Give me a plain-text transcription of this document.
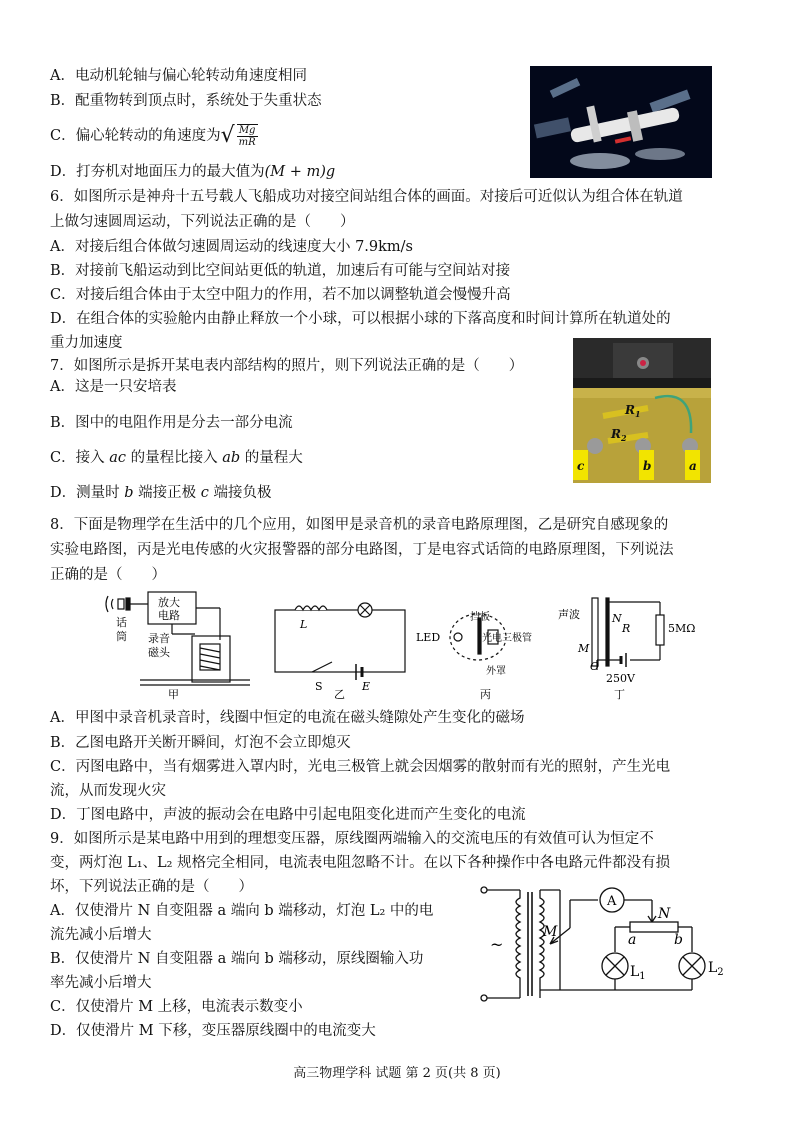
A．电动机轮轴与偏心轮转动角速度相同
B．配重物转到顶点时，系统处于失重状态
C．偏心轮转动的角速度为√ $\frac{Mg}{mR}$
D．打夯机对地面压力的最大值为(M + m)g
6．如图所示是神舟十五号载人飞船成功对接空间站组合体的画面。对接后可近似认为组合体在轨道
上做匀速圆周运动，下列说法正确的是（　　）
A．对接后组合体做匀速圆周运动的线速度大小 7.9km/s
B．对接前飞船运动到比空间站更低的轨道，加速后有可能与空间站对接
C．对接后组合体由于太空中阻力的作用，若不加以调整轨道会慢慢升高
D．在组合体的实验舱内由静止释放一个小球，可以根据小球的下落高度和时间计算所在轨道处的
重力加速度
7．如图所示是拆开某电表内部结构的照片，则下列说法正确的是（　　）
A．这是一只安培表
B．图中的电阻作用是分去一部分电流
C．接入 ac 的量程比接入 ab 的量程大
D．测量时 b 端接正极 c 端接负极
$R_1$
$R_2$
c	b	a
8．下面是物理学在生活中的几个应用，如图甲是录音机的录音电路原理图，乙是研究自感现象的
实验电路图，丙是光电传感的火灾报警器的部分电路图，丁是电容式话筒的电路原理图，下列说法
正确的是（　　）
放大
电路
话
筒 录音
磁头
甲
L
S	E
乙
LED
挡板
光电三极管
外罩
丙
声波	N
R	5MΩ
M
O
250V
丁
A．甲图中录音机录音时，线圈中恒定的电流在磁头缝隙处产生变化的磁场
B．乙图电路开关断开瞬间，灯泡不会立即熄灭
C．丙图电路中，当有烟雾进入罩内时，光电三极管上就会因烟雾的散射而有光的照射，产生光电
流，从而发现火灾
D．丁图电路中，声波的振动会在电路中引起电阻变化进而产生变化的电流
9．如图所示是某电路中用到的理想变压器，原线圈两端输入的交流电压的有效值可认为恒定不
变，两灯泡 L₁、L₂ 规格完全相同，电流表电阻忽略不计。在以下各种操作中各电路元件都没有损
坏，下列说法正确的是（　　）
A．仅使滑片 N 自变阻器 a 端向 b 端移动，灯泡 L₂ 中的电
流先减小后增大
B．仅使滑片 N 自变阻器 a 端向 b 端移动，原线圈输入功
率先减小后增大
C．仅使滑片 M 上移，电流表示数变小
D．仅使滑片 M 下移，变压器原线圈中的电流变大
~
M
A
N
a	b
$L_1$
$L_2$
高三物理学科 试题 第 2 页(共 8 页)
